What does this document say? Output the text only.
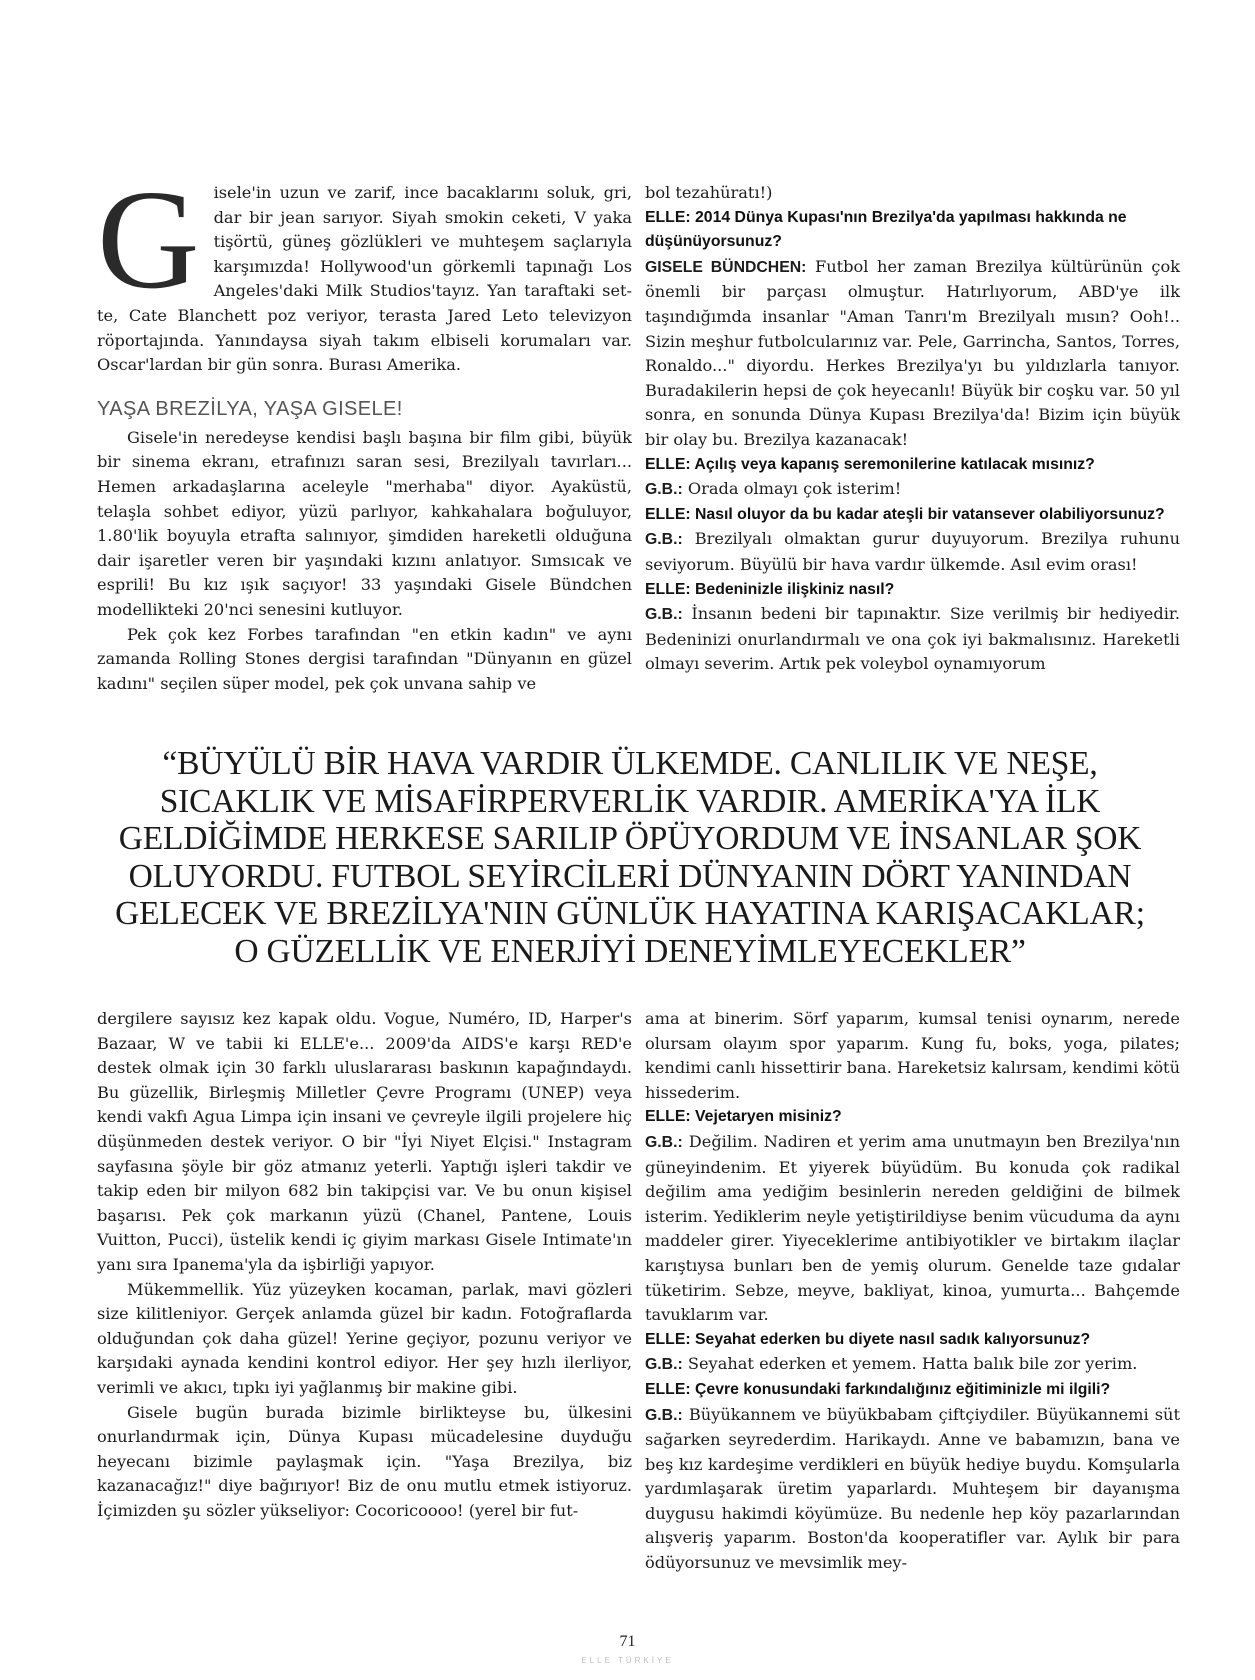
G isele'in uzun ve zarif, ince bacaklarını soluk, gri, dar bir jean sarıyor. Siyah smokin ceketi, V yaka tişörtü, güneş gözlükleri ve muhteşem saçlarıyla karşımızda! Hollywood'un görkemli tapınağı Los Angeles'daki Milk Studios'tayız. Yan taraftaki set-te, Cate Blanchett poz veriyor, terasta Jared Leto televizyon röportajında. Yanındaysa siyah takım elbiseli korumaları var. Oscar'lardan bir gün sonra. Burası Amerika.

YAŞA BREZİLYA, YAŞA GISELE!

Gisele'in neredeyse kendisi başlı başına bir film gibi, büyük bir sinema ekranı, etrafınızı saran sesi, Brezilyalı tavırları... Hemen arkadaşlarına aceleyle "merhaba" diyor. Ayaküstü, telaşla sohbet ediyor, yüzü parlıyor, kahkahalara boğuluyor, 1.80'lik boyuyla etrafta salınıyor, şimdiden hareketli olduğuna dair işaretler veren bir yaşındaki kızını anlatıyor. Sımsıcak ve esprili! Bu kız ışık saçıyor! 33 yaşındaki Gisele Bündchen modellikteki 20'nci senesini kutluyor.

Pek çok kez Forbes tarafından "en etkin kadın" ve aynı zamanda Rolling Stones dergisi tarafından "Dünyanın en güzel kadını" seçilen süper model, pek çok unvana sahip ve

bol tezahüratı!)

ELLE: 2014 Dünya Kupası'nın Brezilya'da yapılması hakkında ne düşünüyorsunuz?

GISELE BÜNDCHEN: Futbol her zaman Brezilya kültürünün çok önemli bir parçası olmuştur. Hatırlıyorum, ABD'ye ilk taşındığımda insanlar "Aman Tanrı'm Brezilyalı mısın? Ooh!.. Sizin meşhur futbolcularınız var. Pele, Garrincha, Santos, Torres, Ronaldo..." diyordu. Herkes Brezilya'yı bu yıldızlarla tanıyor. Buradakilerin hepsi de çok heyecanlı! Büyük bir coşku var. 50 yıl sonra, en sonunda Dünya Kupası Brezilya'da! Bizim için büyük bir olay bu. Brezilya kazanacak!

ELLE: Açılış veya kapanış seremonilerine katılacak mısınız?

G.B.: Orada olmayı çok isterim!

ELLE: Nasıl oluyor da bu kadar ateşli bir vatansever olabiliyorsunuz?

G.B.: Brezilyalı olmaktan gurur duyuyorum. Brezilya ruhunu seviyorum. Büyülü bir hava vardır ülkemde. Asıl evim orası!

ELLE: Bedeninizle ilişkiniz nasıl?

G.B.: İnsanın bedeni bir tapınaktır. Size verilmiş bir hediyedir. Bedeninizi onurlandırmalı ve ona çok iyi bakmalısınız. Hareketli olmayı severim. Artık pek voleybol oynamıyorum

“BÜYÜLÜ BİR HAVA VARDIR ÜLKEMDE. CANLILIK VE NEŞE,
SICAKLIK VE MİSAFİRPERVERLİK VARDIR. AMERİKA'YA İLK
GELDİĞİMDE HERKESE SARILIP ÖPÜYORDUM VE İNSANLAR ŞOK
OLUYORDU. FUTBOL SEYİRCİLERİ DÜNYANIN DÖRT YANINDAN
GELECEK VE BREZİLYA'NIN GÜNLÜK HAYATINA KARIŞACAKLAR;
O GÜZELLİK VE ENERJİYİ DENEYİMLEYECEKLER”

dergilere sayısız kez kapak oldu. Vogue, Numéro, ID, Harper's Bazaar, W ve tabii ki ELLE'e... 2009'da AIDS'e karşı RED'e destek olmak için 30 farklı uluslararası baskının kapağındaydı. Bu güzellik, Birleşmiş Milletler Çevre Programı (UNEP) veya kendi vakfı Agua Limpa için insani ve çevreyle ilgili projelere hiç düşünmeden destek veriyor. O bir "İyi Niyet Elçisi." Instagram sayfasına şöyle bir göz atmanız yeterli. Yaptığı işleri takdir ve takip eden bir milyon 682 bin takipçisi var. Ve bu onun kişisel başarısı. Pek çok markanın yüzü (Chanel, Pantene, Louis Vuitton, Pucci), üstelik kendi iç giyim markası Gisele Intimate'ın yanı sıra Ipanema'yla da işbirliği yapıyor.

Mükemmellik. Yüz yüzeyken kocaman, parlak, mavi gözleri size kilitleniyor. Gerçek anlamda güzel bir kadın. Fotoğraflarda olduğundan çok daha güzel! Yerine geçiyor, pozunu veriyor ve karşıdaki aynada kendini kontrol ediyor. Her şey hızlı ilerliyor, verimli ve akıcı, tıpkı iyi yağlanmış bir makine gibi.

Gisele bugün burada bizimle birlikteyse bu, ülkesini onurlandırmak için, Dünya Kupası mücadelesine duyduğu heyecanı bizimle paylaşmak için. "Yaşa Brezilya, biz kazanacağız!" diye bağırıyor! Biz de onu mutlu etmek istiyoruz. İçimizden şu sözler yükseliyor: Cocoricoooo! (yerel bir fut-

ama at binerim. Sörf yaparım, kumsal tenisi oynarım, nerede olursam olayım spor yaparım. Kung fu, boks, yoga, pilates; kendimi canlı hissettirir bana. Hareketsiz kalırsam, kendimi kötü hissederim.

ELLE: Vejetaryen misiniz?

G.B.: Değilim. Nadiren et yerim ama unutmayın ben Brezilya'nın güneyindenim. Et yiyerek büyüdüm. Bu konuda çok radikal değilim ama yediğim besinlerin nereden geldiğini de bilmek isterim. Yediklerim neyle yetiştirildiyse benim vücuduma da aynı maddeler girer. Yiyeceklerime antibiyotikler ve birtakım ilaçlar karıştıysa bunları ben de yemiş olurum. Genelde taze gıdalar tüketirim. Sebze, meyve, bakliyat, kinoa, yumurta... Bahçemde tavuklarım var.

ELLE: Seyahat ederken bu diyete nasıl sadık kalıyorsunuz?

G.B.: Seyahat ederken et yemem. Hatta balık bile zor yerim.

ELLE: Çevre konusundaki farkındalığınız eğitiminizle mi ilgili?

G.B.: Büyükannem ve büyükbabam çiftçiydiler. Büyükannemi süt sağarken seyrederdim. Harikaydı. Anne ve babamızın, bana ve beş kız kardeşime verdikleri en büyük hediye buydu. Komşularla yardımlaşarak üretim yaparlardı. Muhteşem bir dayanışma duygusu hakimdi köyümüze. Bu nedenle hep köy pazarlarından alışveriş yaparım. Boston'da kooperatifler var. Aylık bir para ödüyorsunuz ve mevsimlik mey-

71
ELLE TÜRKİYE
